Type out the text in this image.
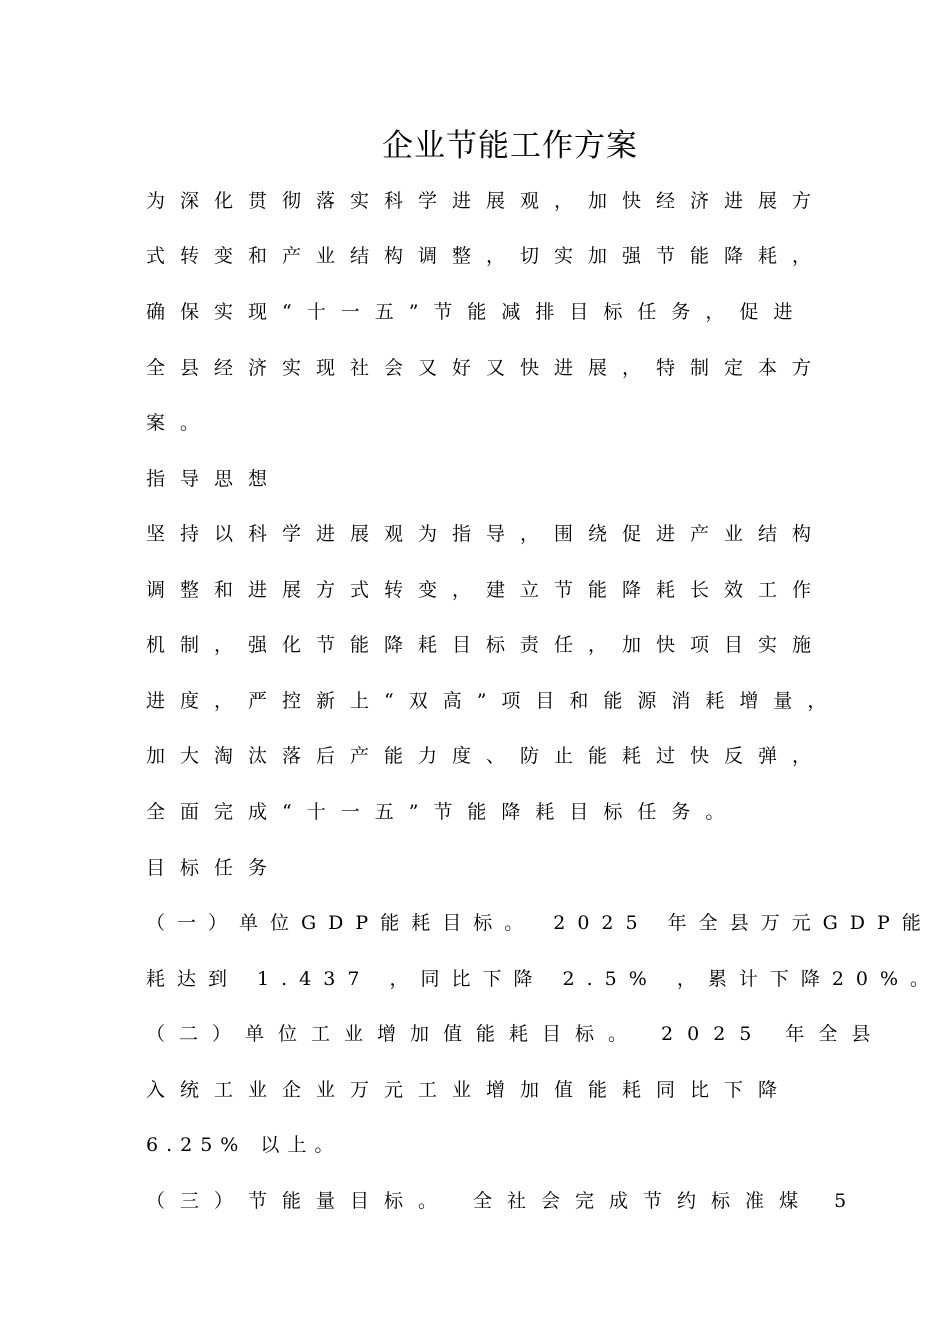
企业节能工作方案

为深化贯彻落实科学进展观，加快经济进展方

式转变和产业结构调整，切实加强节能降耗，

确保实现“十一五”节能减排目标任务，促进

全县经济实现社会又好又快进展，特制定本方

案。

指导思想

坚持以科学进展观为指导，围绕促进产业结构

调整和进展方式转变，建立节能降耗长效工作

机制，强化节能降耗目标责任，加快项目实施

进度，严控新上“双高”项目和能源消耗增量，

加大淘汰落后产能力度、防止能耗过快反弹，

全面完成“十一五”节能降耗目标任务。

目标任务

（一）单位GDP能耗目标。 2025 年全县万元GDP能

耗达到 1.437 ，同比下降 2.5% ，累计下降20%。

（二）单位工业增加值能耗目标。 2025 年全县

入统工业企业万元工业增加值能耗同比下降

6.25% 以上。

（三）节能量目标。 全社会完成节约标准煤 5
